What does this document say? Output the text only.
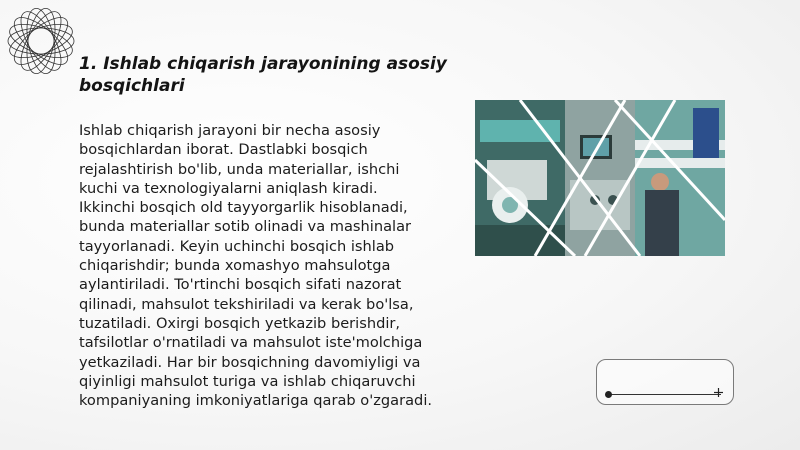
1. Ishlab chiqarish jarayonining asosiy bosqichlari

Ishlab chiqarish jarayoni bir necha asosiy bosqichlardan iborat. Dastlabki bosqich rejalashtirish bo'lib, unda materiallar, ishchi kuchi va texnologiyalarni aniqlash kiradi. Ikkinchi bosqich old tayyorgarlik hisoblanadi, bunda materiallar sotib olinadi va mashinalar tayyorlanadi. Keyin uchinchi bosqich ishlab chiqarishdir; bunda xomashyo mahsulotga aylantiriladi. To'rtinchi bosqich sifati nazorat qilinadi, mahsulot tekshiriladi va kerak bo'lsa, tuzatiladi. Oxirgi bosqich yetkazib berishdir, tafsilotlar o'rnatiladi va mahsulot iste'molchiga yetkaziladi. Har bir bosqichning davomiyligi va qiyinligi mahsulot turiga va ishlab chiqaruvchi kompaniyaning imkoniyatlariga qarab o'zgaradi.
